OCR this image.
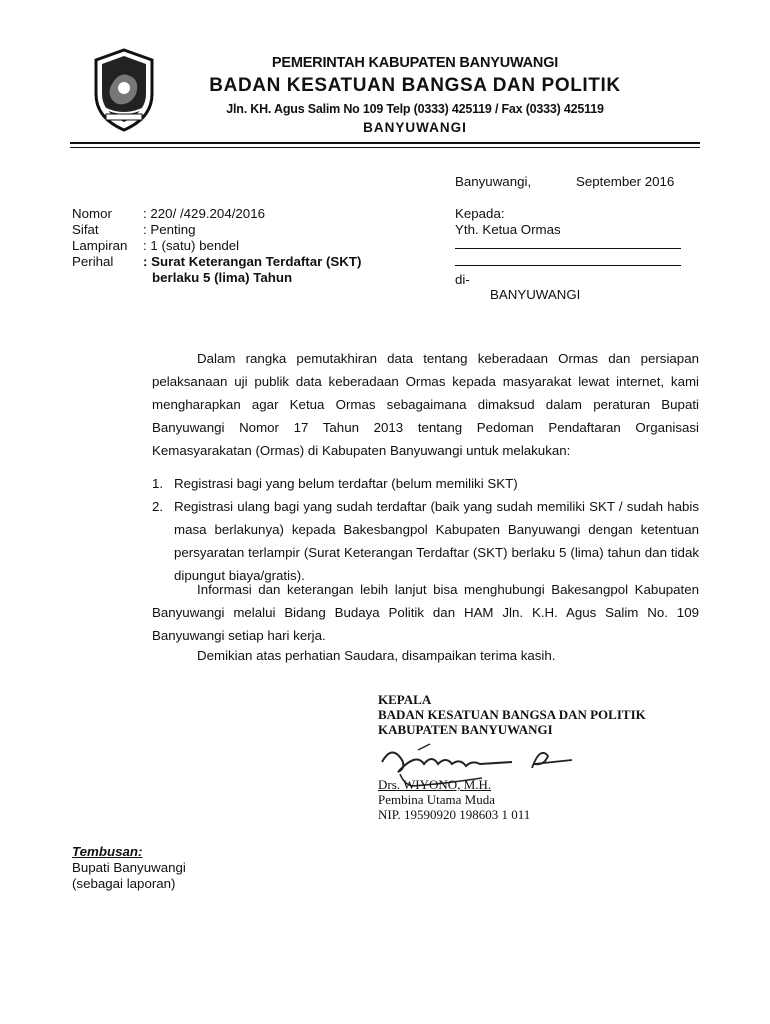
PEMERINTAH KABUPATEN BANYUWANGI
BADAN KESATUAN BANGSA DAN POLITIK
Jln. KH. Agus Salim No 109 Telp (0333) 425119 / Fax (0333) 425119
BANYUWANGI
Banyuwangi,	September 2016
Nomor : 220/ /429.204/2016
Sifat	: Penting
Lampiran : 1 (satu) bendel
Perihal : Surat Keterangan Terdaftar (SKT)
berlaku 5 (lima) Tahun
Kepada:
Yth. Ketua Ormas
di-
BANYUWANGI
Dalam rangka pemutakhiran data tentang keberadaan Ormas dan persiapan pelaksanaan uji publik data keberadaan Ormas kepada masyarakat lewat internet, kami mengharapkan agar Ketua Ormas sebagaimana dimaksud dalam peraturan Bupati Banyuwangi Nomor 17 Tahun 2013 tentang Pedoman Pendaftaran Organisasi Kemasyarakatan (Ormas) di Kabupaten Banyuwangi untuk melakukan:
1. Registrasi bagi yang belum terdaftar (belum memiliki SKT)
2. Registrasi ulang bagi yang sudah terdaftar (baik yang sudah memiliki SKT / sudah habis masa berlakunya) kepada Bakesbangpol Kabupaten Banyuwangi dengan ketentuan persyaratan terlampir (Surat Keterangan Terdaftar (SKT) berlaku 5 (lima) tahun dan tidak dipungut biaya/gratis).
Informasi dan keterangan lebih lanjut bisa menghubungi Bakesangpol Kabupaten Banyuwangi melalui Bidang Budaya Politik dan HAM Jln. K.H. Agus Salim No. 109 Banyuwangi setiap hari kerja.
Demikian atas perhatian Saudara, disampaikan terima kasih.
KEPALA
BADAN KESATUAN BANGSA DAN POLITIK
KABUPATEN BANYUWANGI
Drs. WIYONO, M.H.
Pembina Utama Muda
NIP. 19590920 198603 1 011
Tembusan:
Bupati Banyuwangi
(sebagai laporan)
